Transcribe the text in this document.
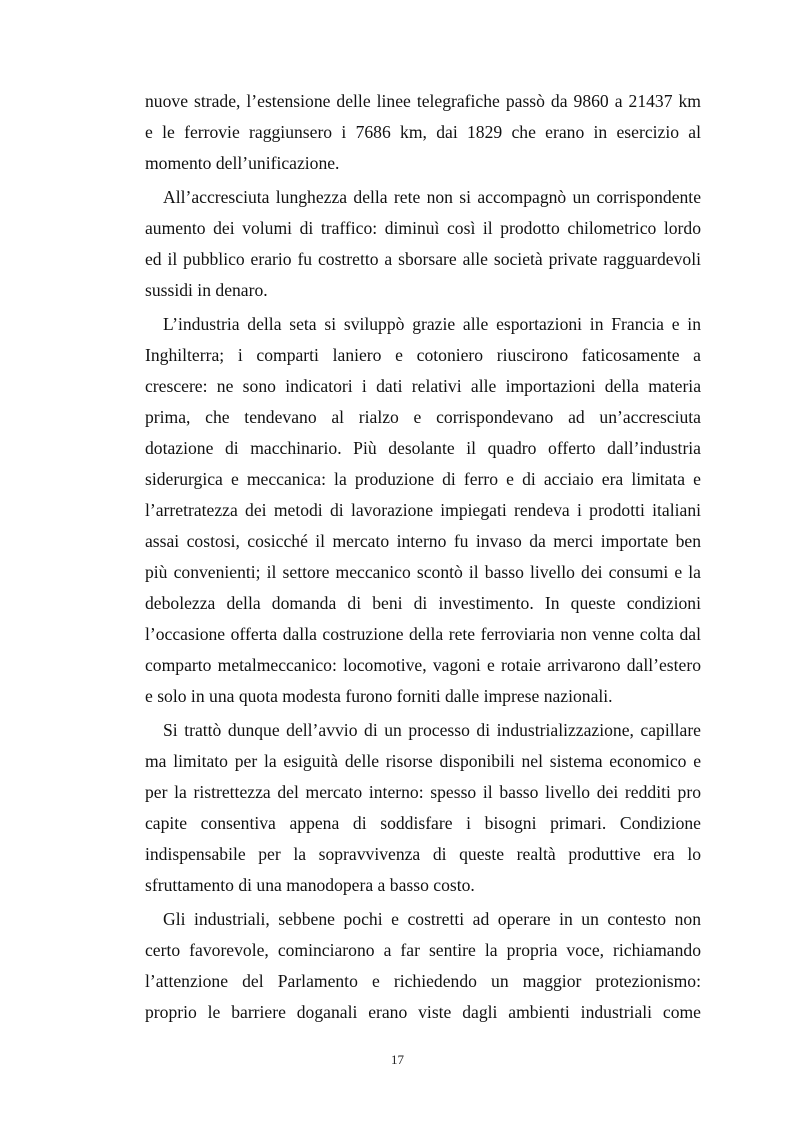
nuove strade, l’estensione delle linee telegrafiche passò da 9860 a 21437 km
e le ferrovie raggiunsero i 7686 km, dai 1829 che erano in esercizio al
momento dell’unificazione.
All’accresciuta lunghezza della rete non si accompagnò un corrispondente
aumento dei volumi di traffico: diminuì così il prodotto chilometrico lordo
ed il pubblico erario fu costretto a sborsare alle società private ragguardevoli
sussidi in denaro.
L’industria della seta si sviluppò grazie alle esportazioni in Francia e in
Inghilterra; i comparti laniero e cotoniero riuscirono faticosamente a
crescere: ne sono indicatori i dati relativi alle importazioni della materia
prima, che tendevano al rialzo e corrispondevano ad un’accresciuta
dotazione di macchinario. Più desolante il quadro offerto dall’industria
siderurgica e meccanica: la produzione di ferro e di acciaio era limitata e
l’arretratezza dei metodi di lavorazione impiegati rendeva i prodotti italiani
assai costosi, cosicché il mercato interno fu invaso da merci importate ben
più convenienti; il settore meccanico scontò il basso livello dei consumi e la
debolezza della domanda di beni di investimento. In queste condizioni
l’occasione offerta dalla costruzione della rete ferroviaria non venne colta dal
comparto metalmeccanico: locomotive, vagoni e rotaie arrivarono dall’estero
e solo in una quota modesta furono forniti dalle imprese nazionali.
Si trattò dunque dell’avvio di un processo di industrializzazione, capillare
ma limitato per la esiguità delle risorse disponibili nel sistema economico e
per la ristrettezza del mercato interno: spesso il basso livello dei redditi pro
capite consentiva appena di soddisfare i bisogni primari. Condizione
indispensabile per la sopravvivenza di queste realtà produttive era lo
sfruttamento di una manodopera a basso costo.
Gli industriali, sebbene pochi e costretti ad operare in un contesto non
certo favorevole, cominciarono a far sentire la propria voce, richiamando
l’attenzione del Parlamento e richiedendo un maggior protezionismo:
proprio le barriere doganali erano viste dagli ambienti industriali come
17
